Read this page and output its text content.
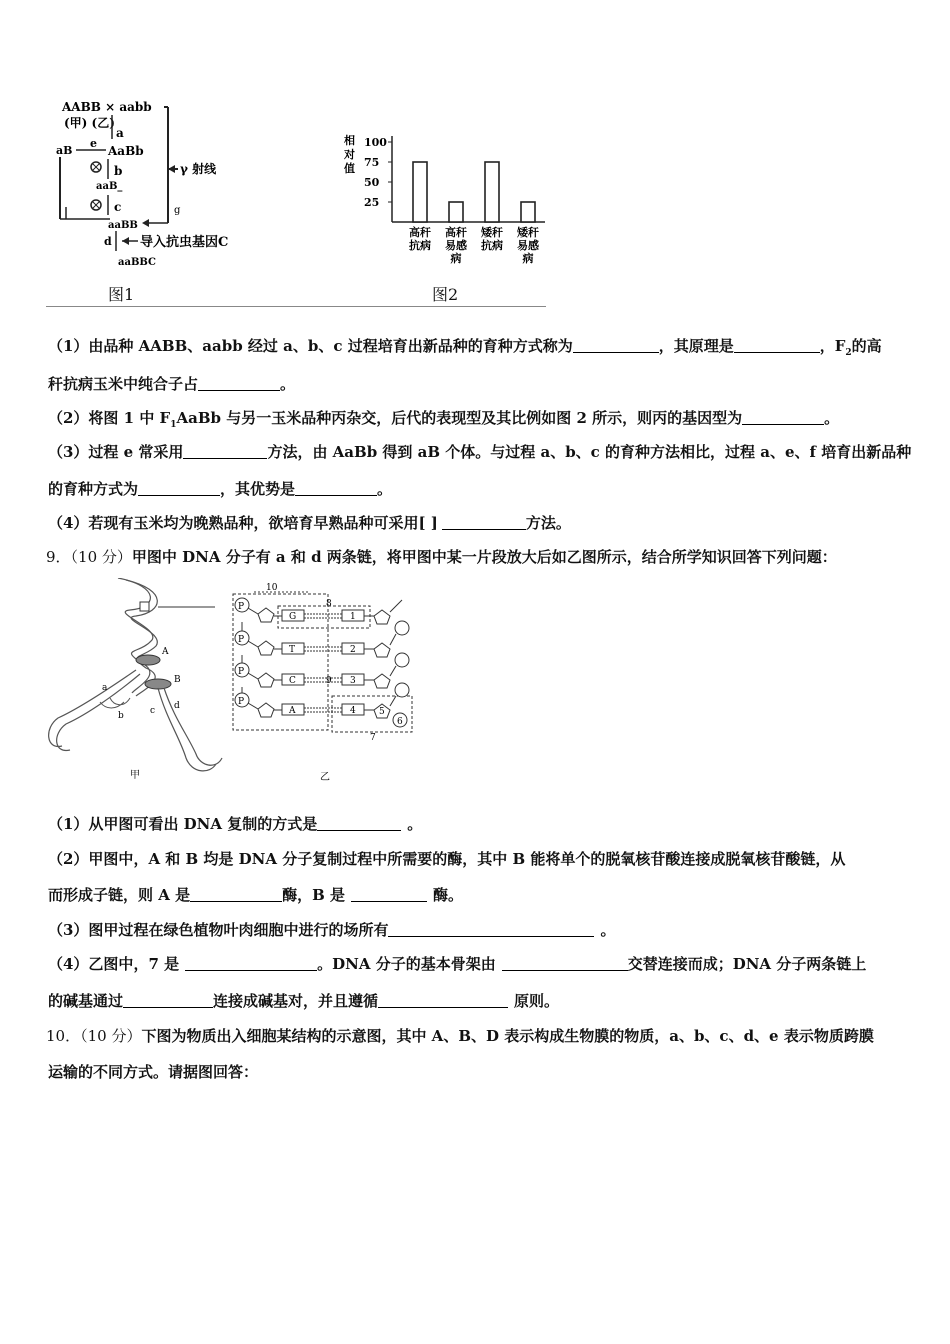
AABB × aabb
(甲) (乙)
γ 射线
a
e
AaBb
aB
b
aaB_
c	g
aaBB
d 导入抗虫基因C
aaBBC
图1
相
对
值
100
75
50
25
高秆抗病
高秆易感病
矮秆抗病
矮秆易感病
图2
（1）由品种 AABB、aabb 经过 a、b、c 过程培育出新品种的育种方式称为	，其原理是	，$F_2$的高
秆抗病玉米中纯合子占	。
（2）将图 1 中 $F_1AaBb$ 与另一玉米品种丙杂交，后代的表现型及其比例如图 2 所示，则丙的基因型为	。
（3）过程 e 常采用	方法，由 AaBb 得到 aB 个体。与过程 a、b、c 的育种方法相比，过程 a、e、f 培育出新品种
的育种方式为	，其优势是	。
（4）若现有玉米均为晚熟品种，欲培育早熟品种可采用[ ]	方法。
9．（10 分）甲图中 DNA 分子有 a 和 d 两条链，将甲图中某一片段放大后如乙图所示，结合所学知识回答下列问题：
A
B
a
b	c d
甲
10
8
9
7
P
G	1
P
T	2
P
C	3
P
A	4	5
6
乙
（1）从甲图可看出 DNA 复制的方式是	。
（2）甲图中，A 和 B 均是 DNA 分子复制过程中所需要的酶，其中 B 能将单个的脱氧核苷酸连接成脱氧核苷酸链，从
而形成子链，则 A 是	酶，B 是	酶。
（3）图甲过程在绿色植物叶肉细胞中进行的场所有	。
（4）乙图中，7 是	。DNA 分子的基本骨架由	交替连接而成；DNA 分子两条链上
的碱基通过	连接成碱基对，并且遵循	原则。
10．（10 分）下图为物质出入细胞某结构的示意图，其中 A、B、D 表示构成生物膜的物质，a、b、c、d、e 表示物质跨膜
运输的不同方式。请据图回答：
